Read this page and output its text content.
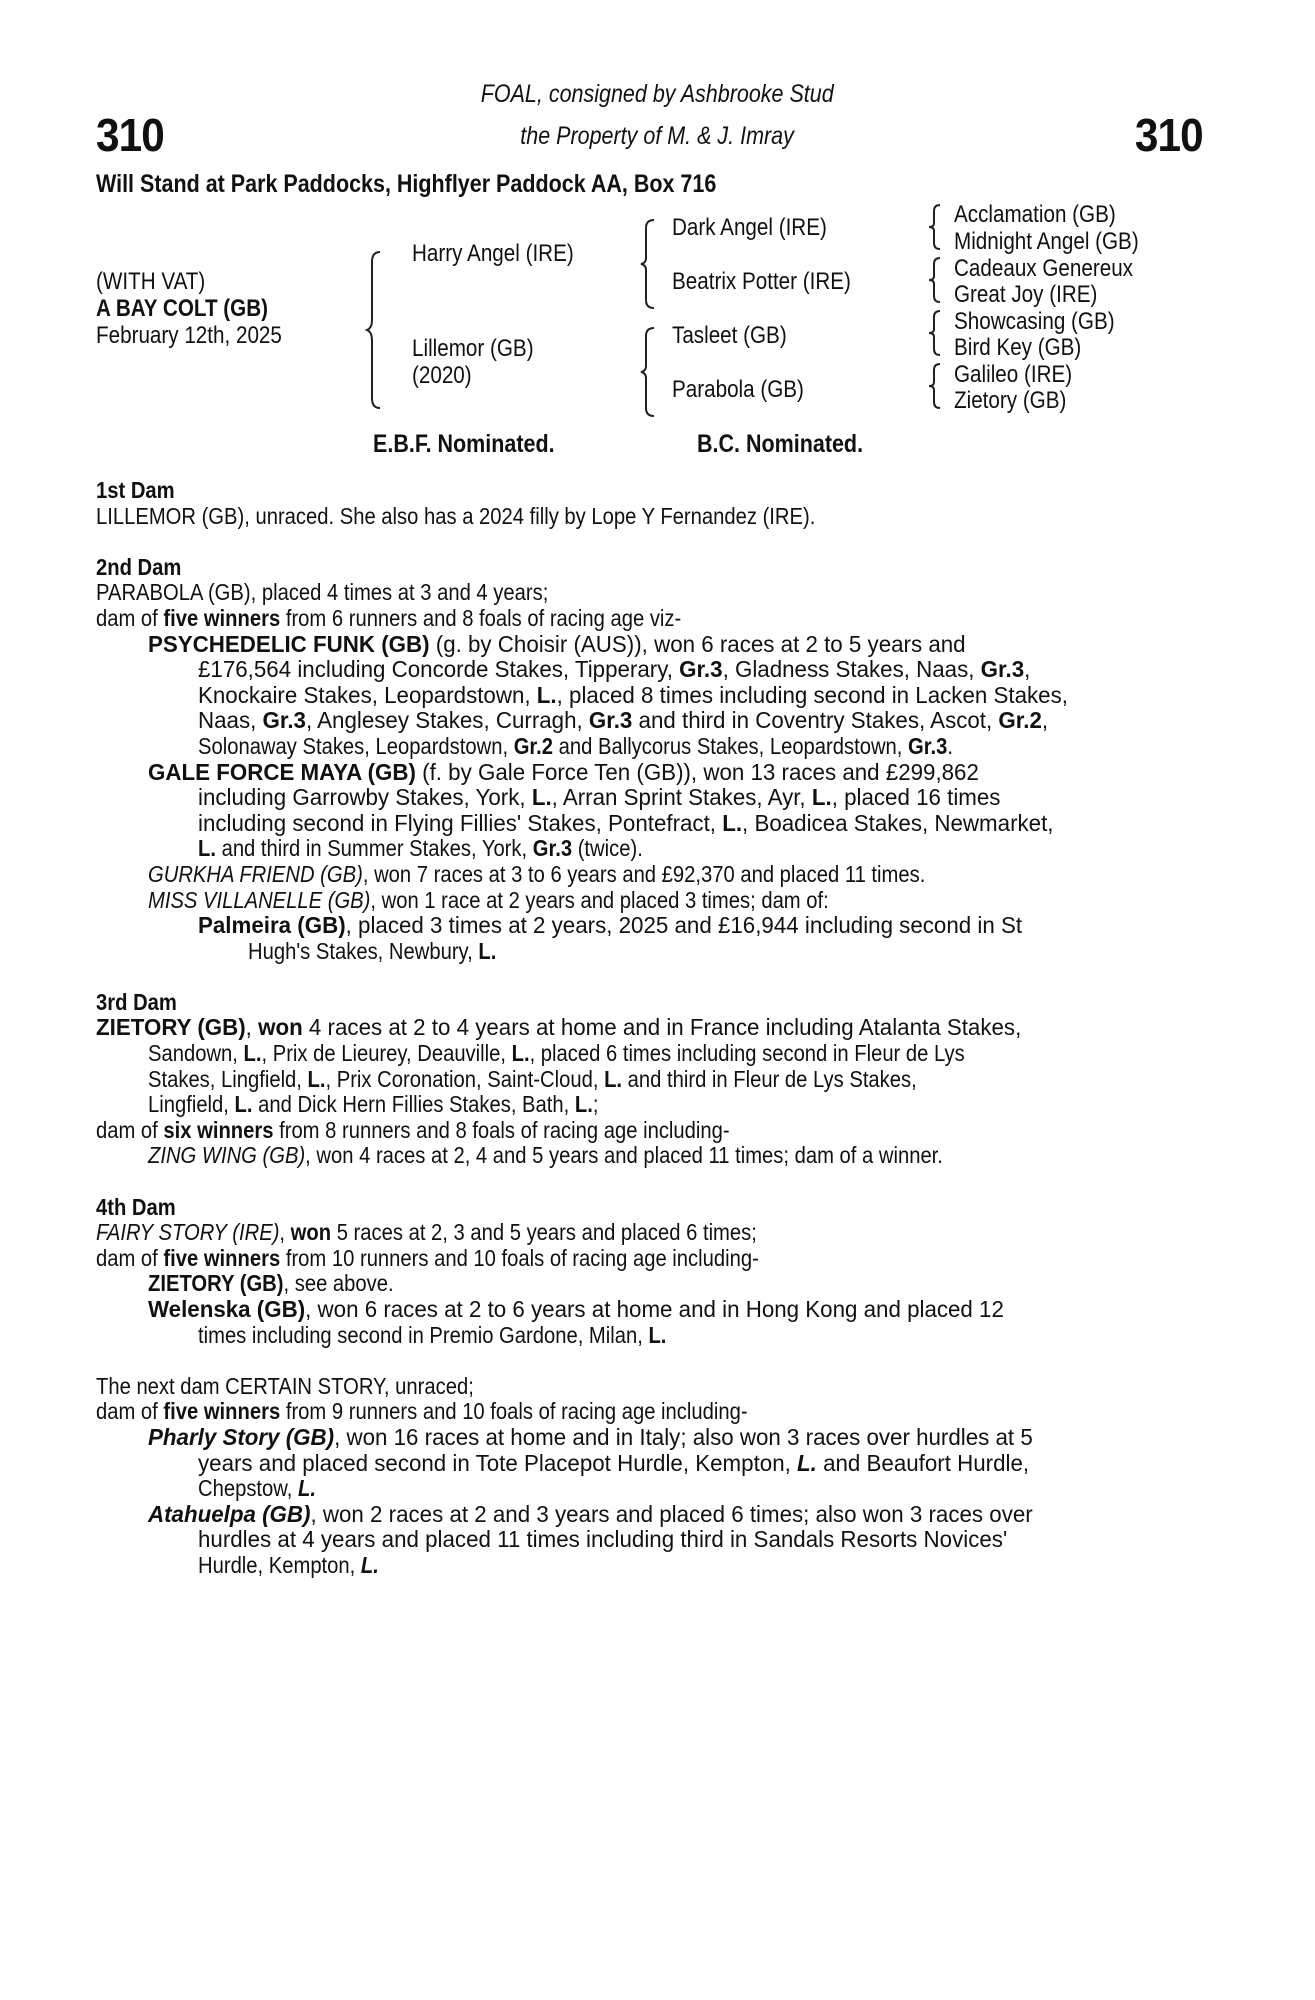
FOAL, consigned by Ashbrooke Stud
the Property of M. & J. Imray
310	310
Will Stand at Park Paddocks, Highflyer Paddock AA, Box 716
(WITH VAT)
A BAY COLT (GB)
February 12th, 2025
Harry Angel (IRE)
Lillemor (GB)
(2020)
Dark Angel (IRE)
Beatrix Potter (IRE)
Tasleet (GB)
Parabola (GB)
Acclamation (GB)
Midnight Angel (GB)
Cadeaux Genereux
Great Joy (IRE)
Showcasing (GB)
Bird Key (GB)
Galileo (IRE)
Zietory (GB)
E.B.F. Nominated.	B.C. Nominated.
1st Dam
LILLEMOR (GB), unraced. She also has a 2024 filly by Lope Y Fernandez (IRE).
2nd Dam
PARABOLA (GB), placed 4 times at 3 and 4 years;
dam of five winners from 6 runners and 8 foals of racing age viz-
PSYCHEDELIC FUNK (GB) (g. by Choisir (AUS)), won 6 races at 2 to 5 years and
£176,564 including Concorde Stakes, Tipperary, Gr.3, Gladness Stakes, Naas, Gr.3,
Knockaire Stakes, Leopardstown, L., placed 8 times including second in Lacken Stakes,
Naas, Gr.3, Anglesey Stakes, Curragh, Gr.3 and third in Coventry Stakes, Ascot, Gr.2,
Solonaway Stakes, Leopardstown, Gr.2 and Ballycorus Stakes, Leopardstown, Gr.3.
GALE FORCE MAYA (GB) (f. by Gale Force Ten (GB)), won 13 races and £299,862
including Garrowby Stakes, York, L., Arran Sprint Stakes, Ayr, L., placed 16 times
including second in Flying Fillies' Stakes, Pontefract, L., Boadicea Stakes, Newmarket,
L. and third in Summer Stakes, York, Gr.3 (twice).
GURKHA FRIEND (GB), won 7 races at 3 to 6 years and £92,370 and placed 11 times.
MISS VILLANELLE (GB), won 1 race at 2 years and placed 3 times; dam of:
Palmeira (GB), placed 3 times at 2 years, 2025 and £16,944 including second in St
Hugh's Stakes, Newbury, L.
3rd Dam
ZIETORY (GB), won 4 races at 2 to 4 years at home and in France including Atalanta Stakes,
Sandown, L., Prix de Lieurey, Deauville, L., placed 6 times including second in Fleur de Lys
Stakes, Lingfield, L., Prix Coronation, Saint-Cloud, L. and third in Fleur de Lys Stakes,
Lingfield, L. and Dick Hern Fillies Stakes, Bath, L.;
dam of six winners from 8 runners and 8 foals of racing age including-
ZING WING (GB), won 4 races at 2, 4 and 5 years and placed 11 times; dam of a winner.
4th Dam
FAIRY STORY (IRE), won 5 races at 2, 3 and 5 years and placed 6 times;
dam of five winners from 10 runners and 10 foals of racing age including-
ZIETORY (GB), see above.
Welenska (GB), won 6 races at 2 to 6 years at home and in Hong Kong and placed 12
times including second in Premio Gardone, Milan, L.
The next dam CERTAIN STORY, unraced;
dam of five winners from 9 runners and 10 foals of racing age including-
Pharly Story (GB), won 16 races at home and in Italy; also won 3 races over hurdles at 5
years and placed second in Tote Placepot Hurdle, Kempton, L. and Beaufort Hurdle,
Chepstow, L.
Atahuelpa (GB), won 2 races at 2 and 3 years and placed 6 times; also won 3 races over
hurdles at 4 years and placed 11 times including third in Sandals Resorts Novices'
Hurdle, Kempton, L.
